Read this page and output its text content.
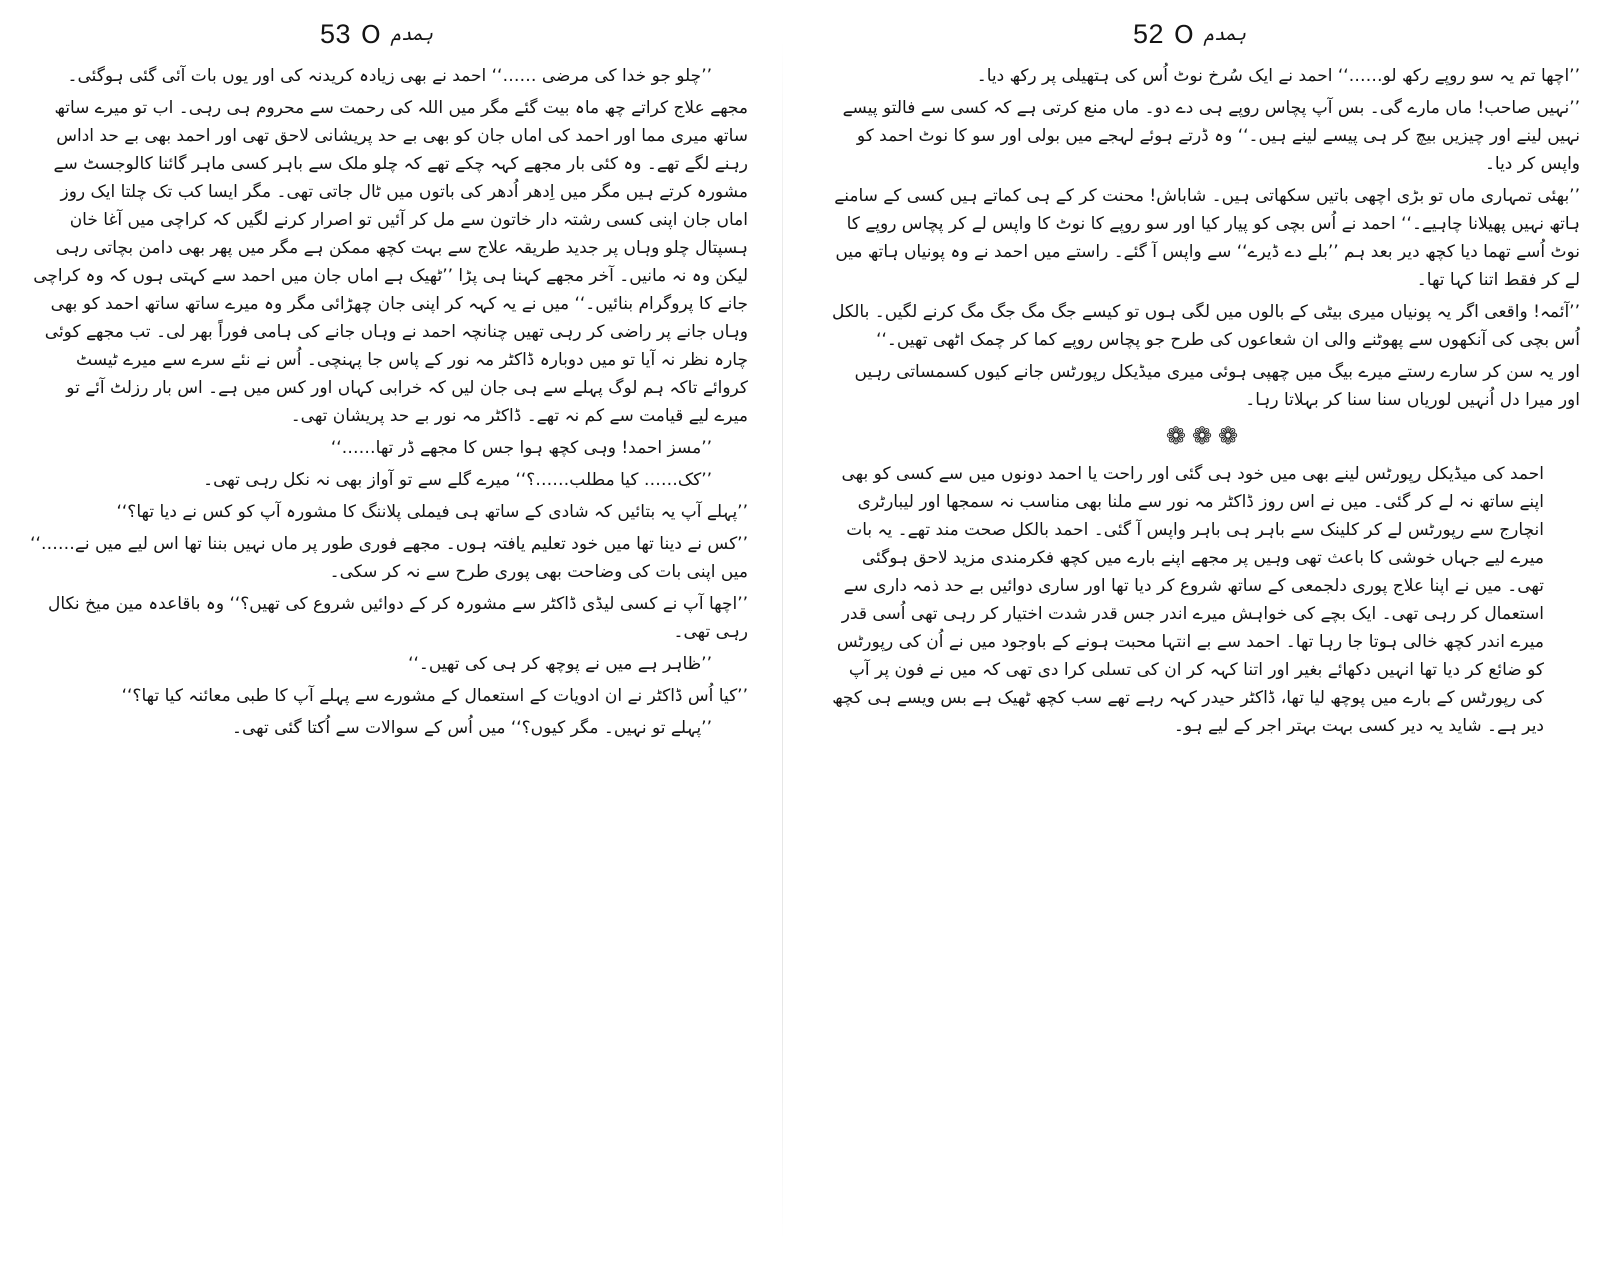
53 O ہمدم

’’چلو جو خدا کی مرضی ……‘‘ احمد نے بھی زیادہ کریدنہ کی اور یوں بات آئی گئی ہوگئی۔

مجھے علاج کراتے چھ ماہ بیت گئے مگر میں اللہ کی رحمت سے محروم ہی رہی۔ اب تو میرے ساتھ ساتھ میری مما اور احمد کی اماں جان کو بھی بے حد پریشانی لاحق تھی اور احمد بھی بے حد اداس رہنے لگے تھے۔ وہ کئی بار مجھے کہہ چکے تھے کہ چلو ملک سے باہر کسی ماہر گائنا کالوجسٹ سے مشورہ کرتے ہیں مگر میں اِدھر اُدھر کی باتوں میں ٹال جاتی تھی۔ مگر ایسا کب تک چلتا ایک روز اماں جان اپنی کسی رشتہ دار خاتون سے مل کر آئیں تو اصرار کرنے لگیں کہ کراچی میں آغا خان ہسپتال چلو وہاں پر جدید طریقہ علاج سے بہت کچھ ممکن ہے مگر میں پھر بھی دامن بچاتی رہی لیکن وہ نہ مانیں۔ آخر مجھے کہنا ہی پڑا ’’ٹھیک ہے اماں جان میں احمد سے کہتی ہوں کہ وہ کراچی جانے کا پروگرام بنائیں۔‘‘ میں نے یہ کہہ کر اپنی جان چھڑائی مگر وہ میرے ساتھ ساتھ احمد کو بھی وہاں جانے پر راضی کر رہی تھیں چنانچہ احمد نے وہاں جانے کی ہامی فوراً بھر لی۔ تب مجھے کوئی چارہ نظر نہ آیا تو میں دوبارہ ڈاکٹر مہ نور کے پاس جا پہنچی۔ اُس نے نئے سرے سے میرے ٹیسٹ کروائے تاکہ ہم لوگ پہلے سے ہی جان لیں کہ خرابی کہاں اور کس میں ہے۔ اس بار رزلٹ آئے تو میرے لیے قیامت سے کم نہ تھے۔ ڈاکٹر مہ نور بے حد پریشان تھی۔

’’مسز احمد! وہی کچھ ہوا جس کا مجھے ڈر تھا……‘‘

’’کک…… کیا مطلب……؟‘‘ میرے گلے سے تو آواز بھی نہ نکل رہی تھی۔

’’پہلے آپ یہ بتائیں کہ شادی کے ساتھ ہی فیملی پلاننگ کا مشورہ آپ کو کس نے دیا تھا؟‘‘

’’کس نے دینا تھا میں خود تعلیم یافتہ ہوں۔ مجھے فوری طور پر ماں نہیں بننا تھا اس لیے میں نے……‘‘ میں اپنی بات کی وضاحت بھی پوری طرح سے نہ کر سکی۔

’’اچھا آپ نے کسی لیڈی ڈاکٹر سے مشورہ کر کے دوائیں شروع کی تھیں؟‘‘ وہ باقاعدہ مین میخ نکال رہی تھی۔

’’ظاہر ہے میں نے پوچھ کر ہی کی تھیں۔‘‘

’’کیا اُس ڈاکٹر نے ان ادویات کے استعمال کے مشورے سے پہلے آپ کا طبی معائنہ کیا تھا؟‘‘

’’پہلے تو نہیں۔ مگر کیوں؟‘‘ میں اُس کے سوالات سے اُکتا گئی تھی۔

52 O ہمدم

’’اچھا تم یہ سو روپے رکھ لو……‘‘ احمد نے ایک سُرخ نوٹ اُس کی ہتھیلی پر رکھ دیا۔

’’نہیں صاحب! ماں مارے گی۔ بس آپ پچاس روپے ہی دے دو۔ ماں منع کرتی ہے کہ کسی سے فالتو پیسے نہیں لینے اور چیزیں بیچ کر ہی پیسے لینے ہیں۔‘‘ وہ ڈرتے ہوئے لہجے میں بولی اور سو کا نوٹ احمد کو واپس کر دیا۔

’’بھئی تمہاری ماں تو بڑی اچھی باتیں سکھاتی ہیں۔ شاباش! محنت کر کے ہی کماتے ہیں کسی کے سامنے ہاتھ نہیں پھیلانا چاہیے۔‘‘ احمد نے اُس بچی کو پیار کیا اور سو روپے کا نوٹ کا واپس لے کر پچاس روپے کا نوٹ اُسے تھما دیا کچھ دیر بعد ہم ’’بلے دے ڈیرے‘‘ سے واپس آ گئے۔ راستے میں احمد نے وہ پونیاں ہاتھ میں لے کر فقط اتنا کہا تھا۔

’’آئمہ! واقعی اگر یہ پونیاں میری بیٹی کے بالوں میں لگی ہوں تو کیسے جگ مگ جگ مگ کرنے لگیں۔ بالکل اُس بچی کی آنکھوں سے پھوٹنے والی ان شعاعوں کی طرح جو پچاس روپے کما کر چمک اٹھی تھیں۔‘‘

اور یہ سن کر سارے رستے میرے بیگ میں چھپی ہوئی میری میڈیکل رپورٹس جانے کیوں کسمساتی رہیں اور میرا دل اُنہیں لوریاں سنا سنا کر بہلاتا رہا۔

❁❁❁

احمد کی میڈیکل رپورٹس لینے بھی میں خود ہی گئی اور راحت یا احمد دونوں میں سے کسی کو بھی اپنے ساتھ نہ لے کر گئی۔ میں نے اس روز ڈاکٹر مہ نور سے ملنا بھی مناسب نہ سمجھا اور لیبارٹری انچارج سے رپورٹس لے کر کلینک سے باہر ہی باہر واپس آ گئی۔ احمد بالکل صحت مند تھے۔ یہ بات میرے لیے جہاں خوشی کا باعث تھی وہیں پر مجھے اپنے بارے میں کچھ فکرمندی مزید لاحق ہوگئی تھی۔ میں نے اپنا علاج پوری دلجمعی کے ساتھ شروع کر دیا تھا اور ساری دوائیں بے حد ذمہ داری سے استعمال کر رہی تھی۔ ایک بچے کی خواہش میرے اندر جس قدر شدت اختیار کر رہی تھی اُسی قدر میرے اندر کچھ خالی ہوتا جا رہا تھا۔ احمد سے بے انتہا محبت ہونے کے باوجود میں نے اُن کی رپورٹس کو ضائع کر دیا تھا انہیں دکھائے بغیر اور اتنا کہہ کر ان کی تسلی کرا دی تھی کہ میں نے فون پر آپ کی رپورٹس کے بارے میں پوچھ لیا تھا، ڈاکٹر حیدر کہہ رہے تھے سب کچھ ٹھیک ہے بس ویسے ہی کچھ دیر ہے۔ شاید یہ دیر کسی بہت بہتر اجر کے لیے ہو۔
